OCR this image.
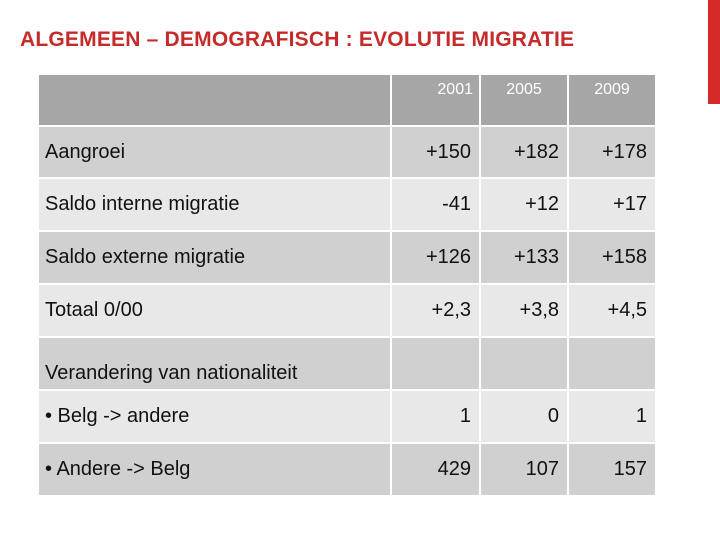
ALGEMEEN – DEMOGRAFISCH : EVOLUTIE MIGRATIE
	2001	2005	2009
Aangroei	+150	+182	+178
Saldo interne migratie	-41	+12	+17
Saldo externe migratie	+126	+133	+158
Totaal 0/00	+2,3	+3,8	+4,5
Verandering van nationaliteit			
• Belg -> andere	1	0	1
• Andere -> Belg	429	107	157
